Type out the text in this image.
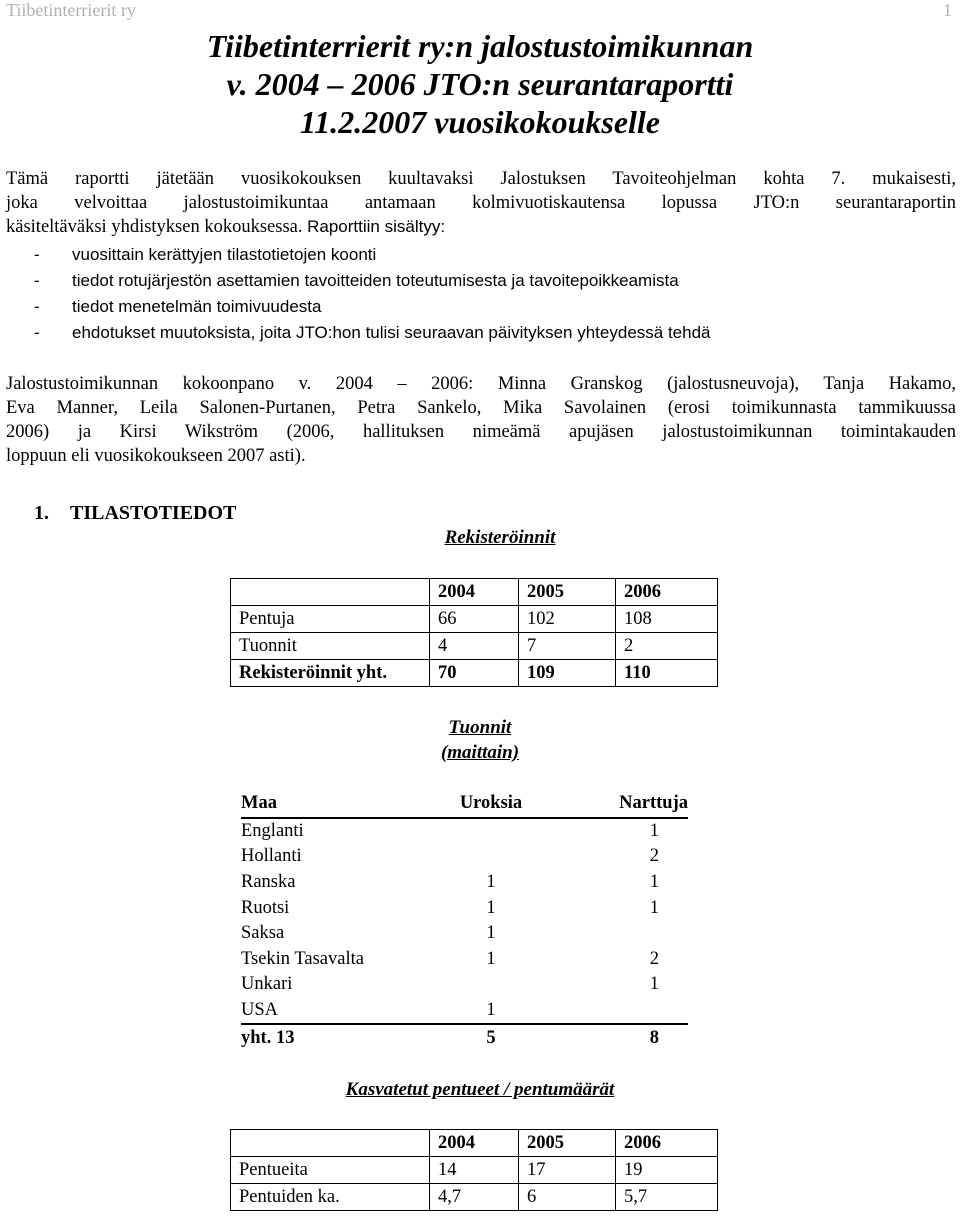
Tiibetinterrierit ry	1
Tiibetinterrierit ry:n jalostustoimikunnan
v. 2004 – 2006 JTO:n seurantaraportti
11.2.2007 vuosikokoukselle
Tämä raportti jätetään vuosikokouksen kuultavaksi Jalostuksen Tavoiteohjelman kohta 7. mukaisesti,
joka velvoittaa jalostustoimikuntaa antamaan kolmivuotiskautensa lopussa JTO:n seurantaraportin
käsiteltäväksi yhdistyksen kokouksessa. Raporttiin sisältyy:
- vuosittain kerättyjen tilastotietojen koonti
- tiedot rotujärjestön asettamien tavoitteiden toteutumisesta ja tavoitepoikkeamista
- tiedot menetelmän toimivuudesta
- ehdotukset muutoksista, joita JTO:hon tulisi seuraavan päivityksen yhteydessä tehdä
Jalostustoimikunnan kokoonpano v. 2004 – 2006: Minna Granskog (jalostusneuvoja), Tanja Hakamo,
Eva Manner, Leila Salonen-Purtanen, Petra Sankelo, Mika Savolainen (erosi toimikunnasta tammikuussa
2006) ja Kirsi Wikström (2006, hallituksen nimeämä apujäsen jalostustoimikunnan toimintakauden
loppuun eli vuosikokoukseen 2007 asti).
1. TILASTOTIEDOT
Rekisteröinnit
	2004	2005	2006
Pentuja	66	102	108
Tuonnit	4	7	2
Rekisteröinnit yht.	70	109	110
Tuonnit
(maittain)
Maa	Uroksia	Narttuja
Englanti		1
Hollanti		2
Ranska	1	1
Ruotsi	1	1
Saksa	1	
Tsekin Tasavalta	1	2
Unkari		1
USA	1	
yht. 13	5	8
Kasvatetut pentueet / pentumäärät
	2004	2005	2006
Pentueita	14	17	19
Pentuiden ka.	4,7	6	5,7
